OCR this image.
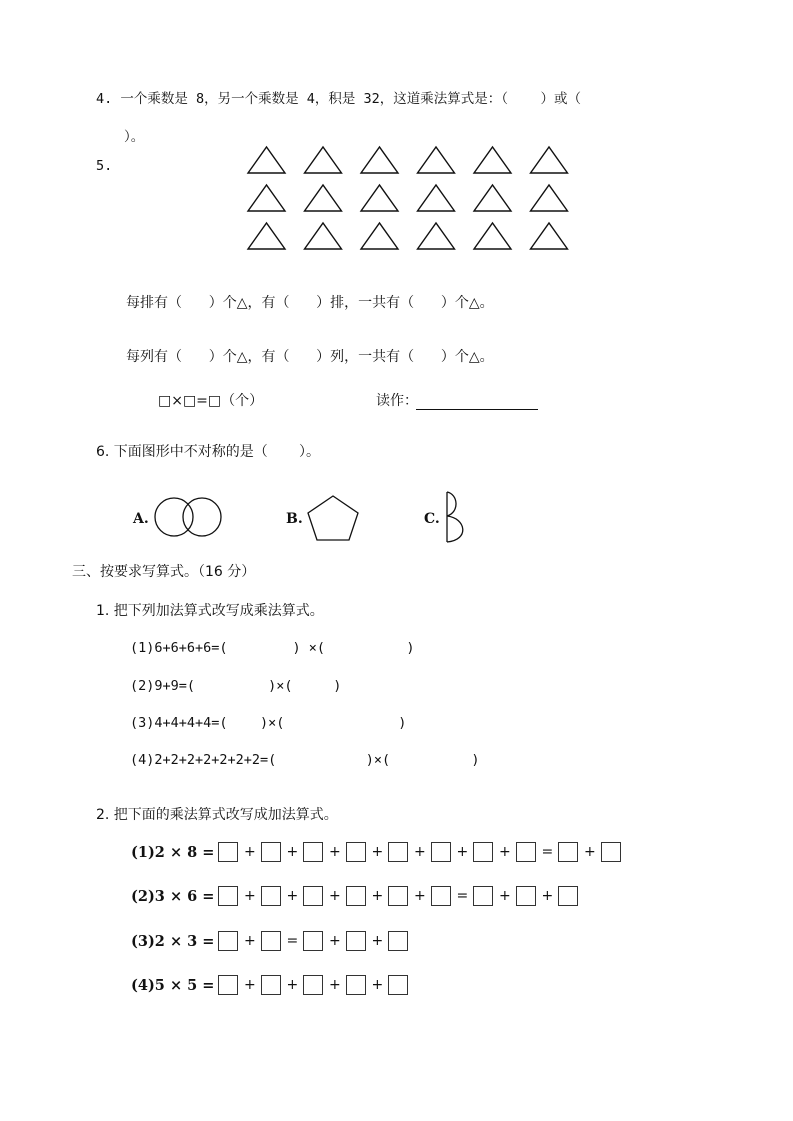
4. 一个乘数是 8，另一个乘数是 4，积是 32，这道乘法算式是：（    ）或（
）。
5.
每排有（      ）个△，有（      ）排，一共有（      ）个△。
每列有（      ）个△，有（      ）列，一共有（      ）个△。
□×□=□（个）	读作：
6. 下面图形中不对称的是（       ）。
A.	B.	C.
三、按要求写算式。（16 分）
1. 把下列加法算式改写成乘法算式。
(1)6+6+6+6=(        ) ×(          )
(2)9+9=(         )×(     )
(3)4+4+4+4=(    )×(              )
(4)2+2+2+2+2+2+2=(           )×(          )
2. 把下面的乘法算式改写成加法算式。
(1)2 × 8 = + + + + + + + = +
(2)3 × 6 = + + + + + = + +
(3)2 × 3 = + = + +
(4)5 × 5 = + + + +
